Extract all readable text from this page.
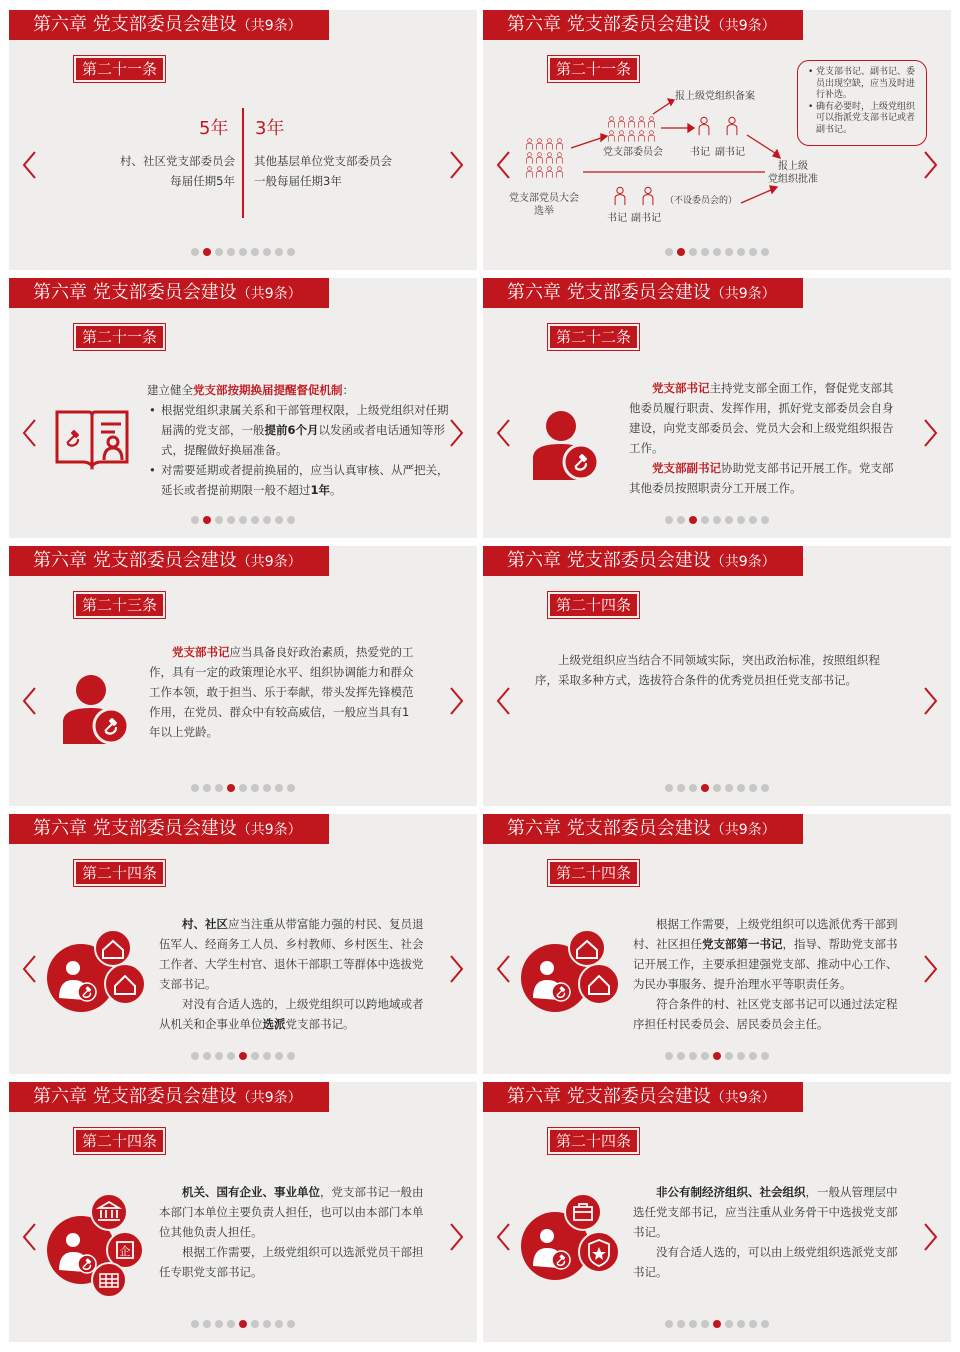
第六章 党支部委员会建设（共9条）
第二十一条
5年 3年
村、社区党支部委员会
每届任期5年
其他基层单位党支部委员会
一般每届任期3年
第六章 党支部委员会建设（共9条）
第二十一条
党支部党员大会
选举
党支部委员会
报上级党组织备案
书记 副书记
报上级
党组织批准
（不设委员会的）
书记 副书记
• 党支部书记、副书记、委员出现空缺，应当及时进行补选。
• 确有必要时，上级党组织可以指派党支部书记或者副书记。
第六章 党支部委员会建设（共9条）
第二十一条
建立健全党支部按期换届提醒督促机制：
• 根据党组织隶属关系和干部管理权限，上级党组织对任期届满的党支部，一般提前6个月以发函或者电话通知等形式，提醒做好换届准备。
• 对需要延期或者提前换届的，应当认真审核、从严把关，延长或者提前期限一般不超过1年。
第六章 党支部委员会建设（共9条）
第二十二条

党支部书记主持党支部全面工作，督促党支部其他委员履行职责、发挥作用，抓好党支部委员会自身建设，向党支部委员会、党员大会和上级党组织报告工作。

党支部副书记协助党支部书记开展工作。党支部其他委员按照职责分工开展工作。

第六章 党支部委员会建设（共9条）
第二十三条

党支部书记应当具备良好政治素质，热爱党的工作，具有一定的政策理论水平、组织协调能力和群众工作本领，敢于担当、乐于奉献，带头发挥先锋模范作用，在党员、群众中有较高威信，一般应当具有1年以上党龄。

第六章 党支部委员会建设（共9条）
第二十四条

上级党组织应当结合不同领域实际，突出政治标准，按照组织程序，采取多种方式，选拔符合条件的优秀党员担任党支部书记。

第六章 党支部委员会建设（共9条）
第二十四条

村、社区应当注重从带富能力强的村民、复员退伍军人、经商务工人员、乡村教师、乡村医生、社会工作者、大学生村官、退休干部职工等群体中选拔党支部书记。

对没有合适人选的，上级党组织可以跨地域或者从机关和企事业单位选派党支部书记。

第六章 党支部委员会建设（共9条）
第二十四条

根据工作需要，上级党组织可以选派优秀干部到村、社区担任党支部第一书记，指导、帮助党支部书记开展工作，主要承担建强党支部、推动中心工作、为民办事服务、提升治理水平等职责任务。

符合条件的村、社区党支部书记可以通过法定程序担任村民委员会、居民委员会主任。

第六章 党支部委员会建设（共9条）
第二十四条
企

机关、国有企业、事业单位，党支部书记一般由本部门本单位主要负责人担任，也可以由本部门本单位其他负责人担任。

根据工作需要，上级党组织可以选派党员干部担任专职党支部书记。

第六章 党支部委员会建设（共9条）
第二十四条

非公有制经济组织、社会组织，一般从管理层中选任党支部书记，应当注重从业务骨干中选拔党支部书记。

没有合适人选的，可以由上级党组织选派党支部书记。
